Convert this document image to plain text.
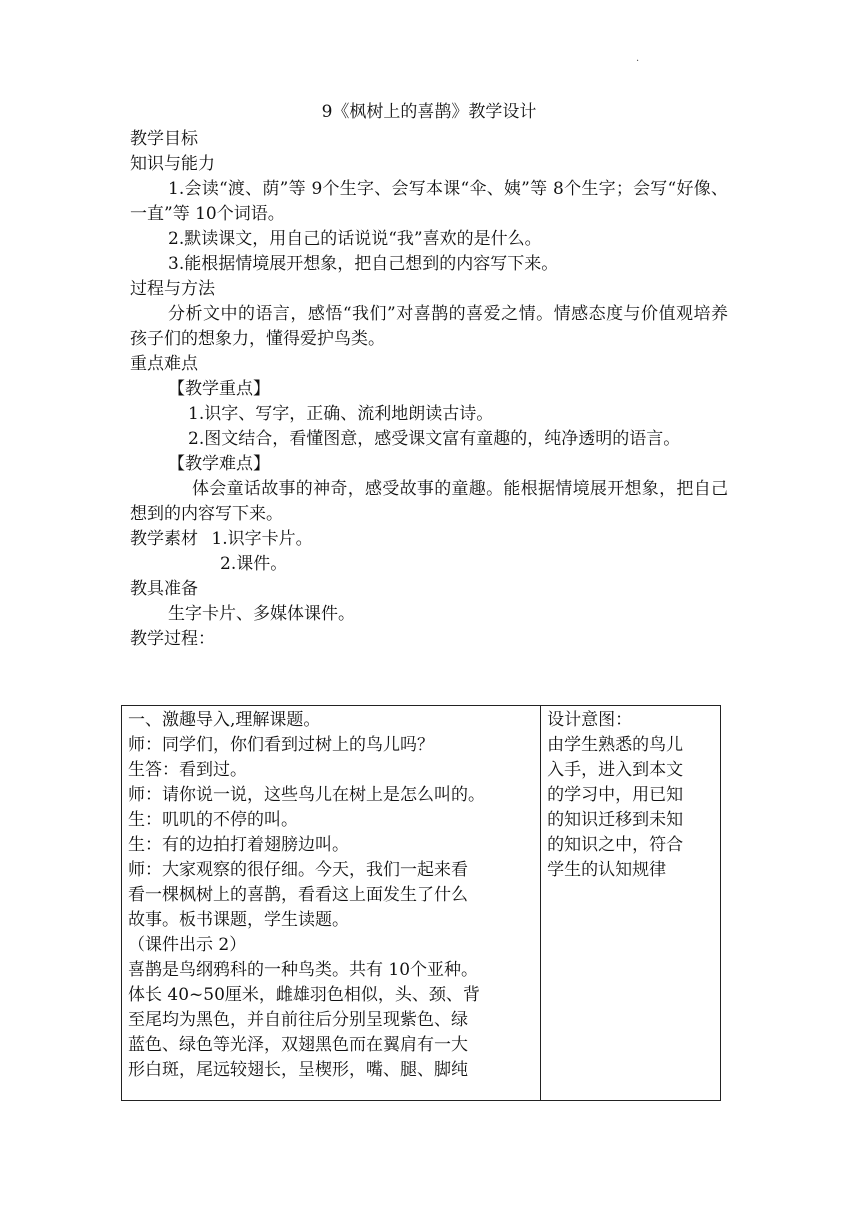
·
9《枫树上的喜鹊》教学设计
教学目标
知识与能力
1.会读“渡、荫”等 9个生字、会写本课“伞、姨”等 8个生字；会写“好像、一直”等 10个词语。
2.默读课文，用自己的话说说“我”喜欢的是什么。
3.能根据情境展开想象，把自己想到的内容写下来。
过程与方法
分析文中的语言，感悟“我们”对喜鹊的喜爱之情。情感态度与价值观培养孩子们的想象力，懂得爱护鸟类。
重点难点
【教学重点】
1.识字、写字，正确、流利地朗读古诗。
2.图文结合，看懂图意，感受课文富有童趣的，纯净透明的语言。
【教学难点】
体会童话故事的神奇，感受故事的童趣。能根据情境展开想象，把自己想到的内容写下来。
教学素材 1.识字卡片。
2.课件。
教具准备
生字卡片、多媒体课件。
教学过程：
一、激趣导入,理解课题。
师：同学们，你们看到过树上的鸟儿吗？
生答：看到过。
师：请你说一说，这些鸟儿在树上是怎么叫的。
生：叽叽的不停的叫。
生：有的边拍打着翅膀边叫。
师：大家观察的很仔细。今天，我们一起来看
看一棵枫树上的喜鹊，看看这上面发生了什么
故事。板书课题，学生读题。
（课件出示 2）
喜鹊是鸟纲鸦科的一种鸟类。共有 10个亚种。
体长 40~50厘米，雌雄羽色相似，头、颈、背
至尾均为黑色，并自前往后分别呈现紫色、绿
蓝色、绿色等光泽，双翅黑色而在翼肩有一大
形白斑，尾远较翅长，呈楔形，嘴、腿、脚纯

设计意图：
由学生熟悉的鸟儿
入手，进入到本文
的学习中，用已知
的知识迁移到未知
的知识之中，符合
学生的认知规律
